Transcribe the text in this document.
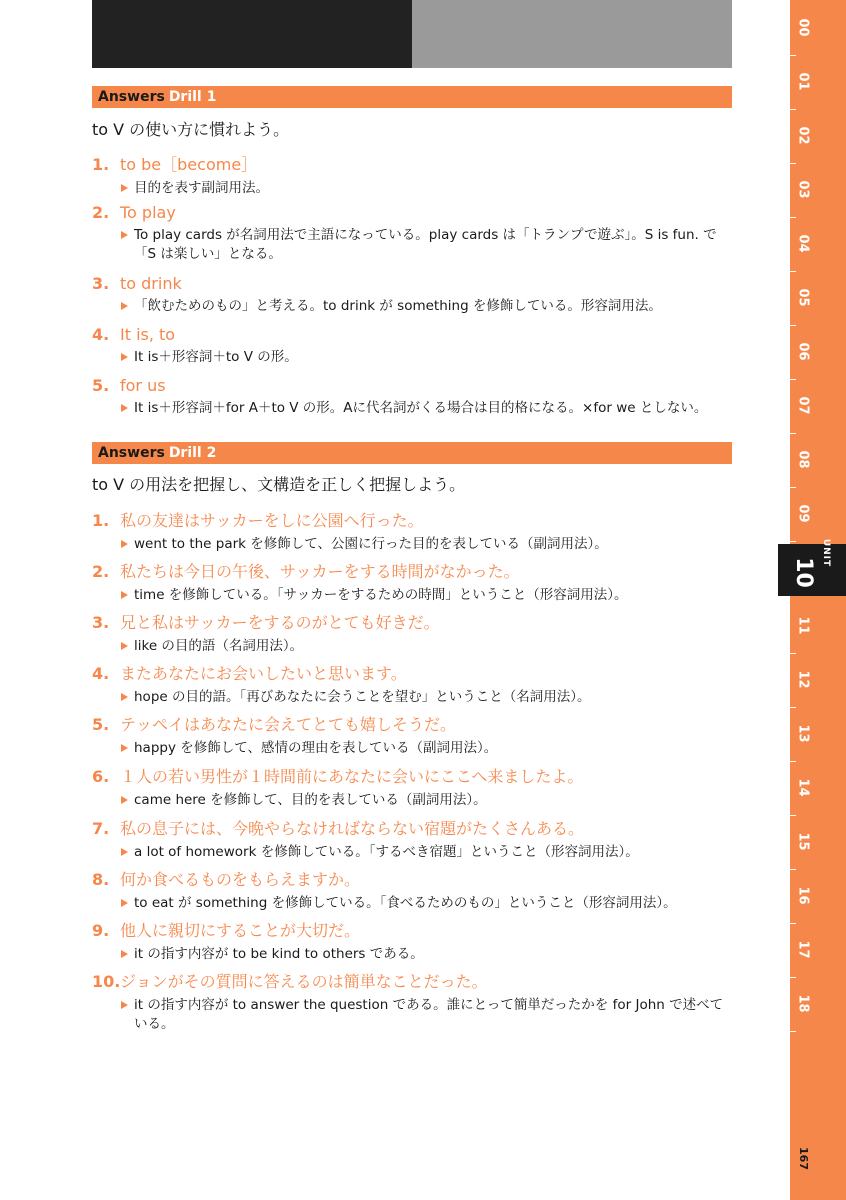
Answers Drill 1
to V の使い方に慣れよう。
1. to be［become］
目的を表す副詞用法。
2. To play
To play cards が名詞用法で主語になっている。play cards は「トランプで遊ぶ」。S is fun. で「S は楽しい」となる。
3. to drink
「飲むためのもの」と考える。to drink が something を修飾している。形容詞用法。
4. It is, to
It is＋形容詞＋to V の形。
5. for us
It is＋形容詞＋for A＋to V の形。Aに代名詞がくる場合は目的格になる。×for we としない。
Answers Drill 2
to V の用法を把握し、文構造を正しく把握しよう。
1. 私の友達はサッカーをしに公園へ行った。
went to the park を修飾して、公園に行った目的を表している（副詞用法）。
2. 私たちは今日の午後、サッカーをする時間がなかった。
time を修飾している。「サッカーをするための時間」ということ（形容詞用法）。
3. 兄と私はサッカーをするのがとても好きだ。
like の目的語（名詞用法）。
4. またあなたにお会いしたいと思います。
hope の目的語。「再びあなたに会うことを望む」ということ（名詞用法）。
5. テッペイはあなたに会えてとても嬉しそうだ。
happy を修飾して、感情の理由を表している（副詞用法）。
6. １人の若い男性が１時間前にあなたに会いにここへ来ましたよ。
came here を修飾して、目的を表している（副詞用法）。
7. 私の息子には、今晩やらなければならない宿題がたくさんある。
a lot of homework を修飾している。「するべき宿題」ということ（形容詞用法）。
8. 何か食べるものをもらえますか。
to eat が something を修飾している。「食べるためのもの」ということ（形容詞用法）。
9. 他人に親切にすることが大切だ。
it の指す内容が to be kind to others である。
10. ジョンがその質問に答えるのは簡単なことだった。
it の指す内容が to answer the question である。誰にとって簡単だったかを for John で述べている。
00
01
02
03
04
05
06
07
08
09
11
12
13
14
15
16
17
18
UNIT
10
167
